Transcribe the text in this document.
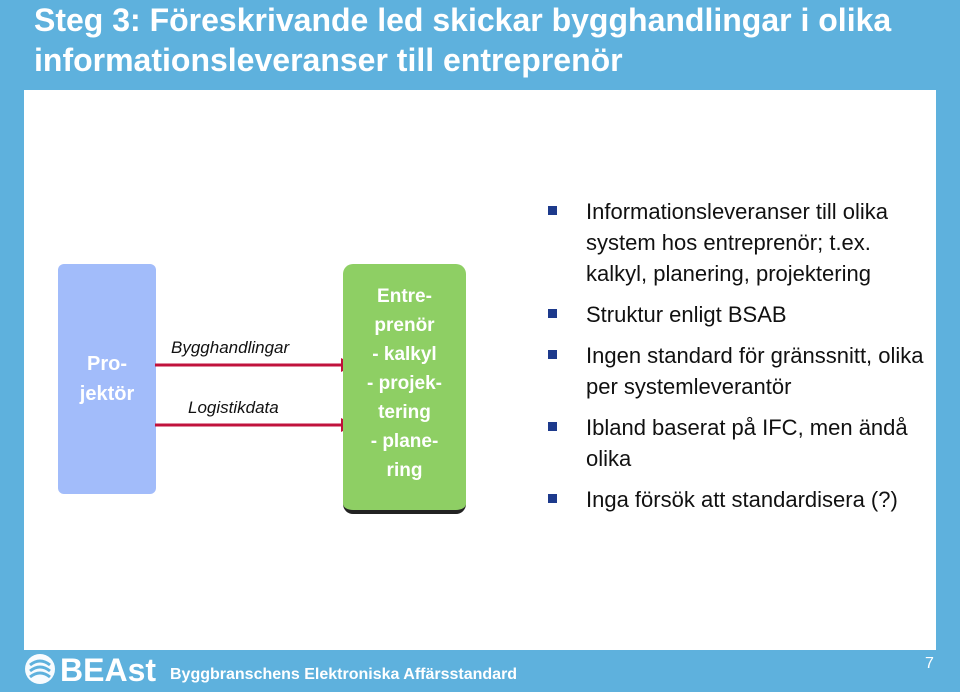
Steg 3: Föreskrivande led skickar bygghandlingar i olika informationsleveranser till entreprenör
Pro-
jektör
Bygghandlingar
Logistikdata
Entre-
prenör
- kalkyl
- projek-
tering
- plane-
ring
Informationsleveranser till olika system hos entreprenör; t.ex. kalkyl, planering, projektering
Struktur enligt BSAB
Ingen standard för gränssnitt, olika per systemleverantör
Ibland baserat på IFC, men ändå olika
Inga försök att standardisera (?)
BEAst Byggbranschens Elektroniska Affärsstandard
7
